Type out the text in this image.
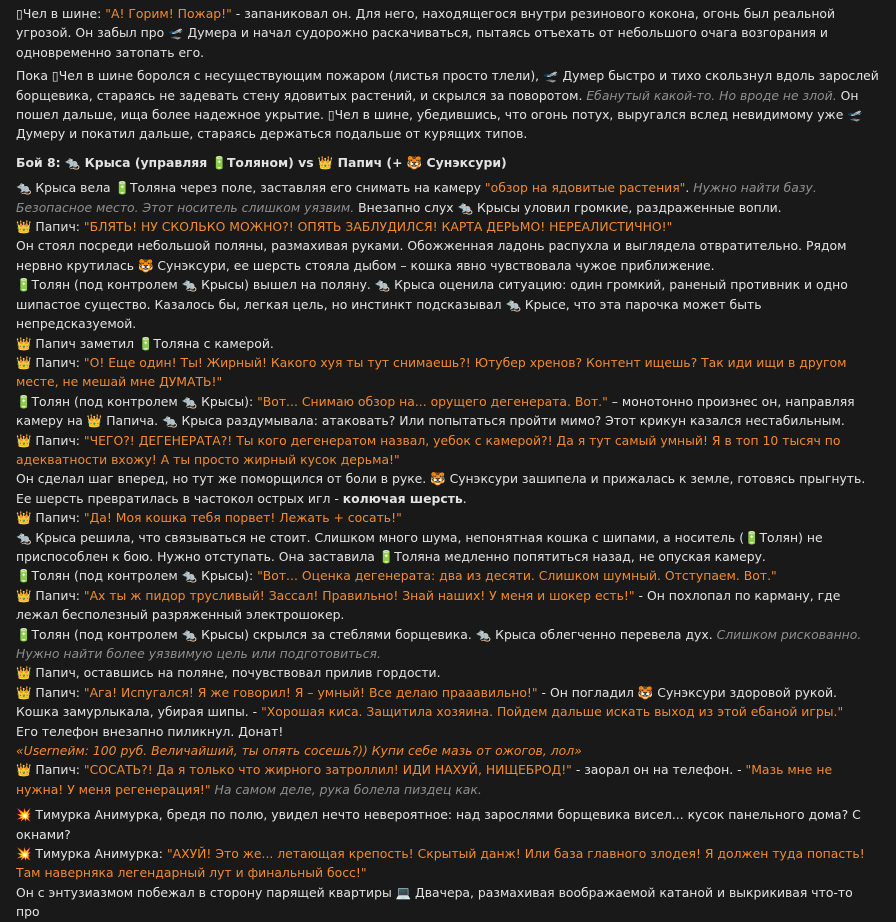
▯Чел в шине: "А! Горим! Пожар!" - запаниковал он. Для него, находящегося внутри резинового кокона, огонь был реальной угрозой. Он забыл про 🛫 Думера и начал судорожно раскачиваться, пытаясь отъехать от небольшого очага возгорания и одновременно затопать его.
Пока ▯Чел в шине боролся с несуществующим пожаром (листья просто тлели), 🛫 Думер быстро и тихо скользнул вдоль зарослей борщевика, стараясь не задевать стену ядовитых растений, и скрылся за поворотом. Ебанутый какой-то. Но вроде не злой. Он пошел дальше, ища более надежное укрытие. ▯Чел в шине, убедившись, что огонь потух, выругался вслед невидимому уже 🛫 Думеру и покатил дальше, стараясь держаться подальше от курящих типов.
Бой 8: 🐀 Крыса (управляя 🔋Толяном) vs 👑 Папич (+ 🐯 Сунэксури)
🐀 Крыса вела 🔋Толяна через поле, заставляя его снимать на камеру "обзор на ядовитые растения". Нужно найти базу. Безопасное место. Этот носитель слишком уязвим. Внезапно слух 🐀 Крысы уловил громкие, раздраженные вопли.
👑 Папич: "БЛЯТЬ! НУ СКОЛЬКО МОЖНО?! ОПЯТЬ ЗАБЛУДИЛСЯ! КАРТА ДЕРЬМО! НЕРЕАЛИСТИЧНО!"
Он стоял посреди небольшой поляны, размахивая руками. Обожженная ладонь распухла и выглядела отвратительно. Рядом нервно крутилась 🐯 Сунэксури, ее шерсть стояла дыбом – кошка явно чувствовала чужое приближение.
🔋Толян (под контролем 🐀 Крысы) вышел на поляну. 🐀 Крыса оценила ситуацию: один громкий, раненый противник и одно шипастое существо. Казалось бы, легкая цель, но инстинкт подсказывал 🐀 Крысе, что эта парочка может быть непредсказуемой.
👑 Папич заметил 🔋Толяна с камерой.
👑 Папич: "О! Еще один! Ты! Жирный! Какого хуя ты тут снимаешь?! Ютубер хренов? Контент ищешь? Так иди ищи в другом месте, не мешай мне ДУМАТЬ!"
🔋Толян (под контролем 🐀 Крысы): "Вот... Снимаю обзор на... орущего дегенерата. Вот." – монотонно произнес он, направляя камеру на 👑 Папича. 🐀 Крыса раздумывала: атаковать? Или попытаться пройти мимо? Этот крикун казался нестабильным.
👑 Папич: "ЧЕГО?! ДЕГЕНЕРАТА?! Ты кого дегенератом назвал, уебок с камерой?! Да я тут самый умный! Я в топ 10 тысяч по адекватности вхожу! А ты просто жирный кусок дерьма!"
Он сделал шаг вперед, но тут же поморщился от боли в руке. 🐯 Сунэксури зашипела и прижалась к земле, готовясь прыгнуть. Ее шерсть превратилась в частокол острых игл - колючая шерсть.
👑 Папич: "Да! Моя кошка тебя порвет! Лежать + сосать!"
🐀 Крыса решила, что связываться не стоит. Слишком много шума, непонятная кошка с шипами, а носитель (🔋Толян) не приспособлен к бою. Нужно отступать. Она заставила 🔋Толяна медленно попятиться назад, не опуская камеру.
🔋Толян (под контролем 🐀 Крысы): "Вот... Оценка дегенерата: два из десяти. Слишком шумный. Отступаем. Вот."
👑 Папич: "Ах ты ж пидор трусливый! Зассал! Правильно! Знай наших! У меня и шокер есть!" - Он похлопал по карману, где лежал бесполезный разряженный электрошокер.
🔋Толян (под контролем 🐀 Крысы) скрылся за стеблями борщевика. 🐀 Крыса облегченно перевела дух. Слишком рискованно. Нужно найти более уязвимую цель или подготовиться.
👑 Папич, оставшись на поляне, почувствовал прилив гордости.
👑 Папич: "Ага! Испугался! Я же говорил! Я – умный! Все делаю прааавильно!" - Он погладил 🐯 Сунэксури здоровой рукой. Кошка замурлыкала, убирая шипы. - "Хорошая киса. Защитила хозяина. Пойдем дальше искать выход из этой ебаной игры."
Его телефон внезапно пиликнул. Донат!
«Usernейм: 100 руб. Величайший, ты опять сосешь?)) Купи себе мазь от ожогов, лол»
👑 Папич: "СОСАТЬ?! Да я только что жирного затроллил! ИДИ НАХУЙ, НИЩЕБРОД!" - заорал он на телефон. - "Мазь мне не нужна! У меня регенерация!" На самом деле, рука болела пиздец как.
💥 Тимурка Анимурка, бредя по полю, увидел нечто невероятное: над зарослями борщевика висел... кусок панельного дома? С окнами?
💥 Тимурка Анимурка: "АХУЙ! Это же... летающая крепость! Скрытый данж! Или база главного злодея! Я должен туда попасть! Там наверняка легендарный лут и финальный босс!"
Он с энтузиазмом побежал в сторону парящей квартиры 💻 Двачера, размахивая воображаемой катаной и выкрикивая что-то про
